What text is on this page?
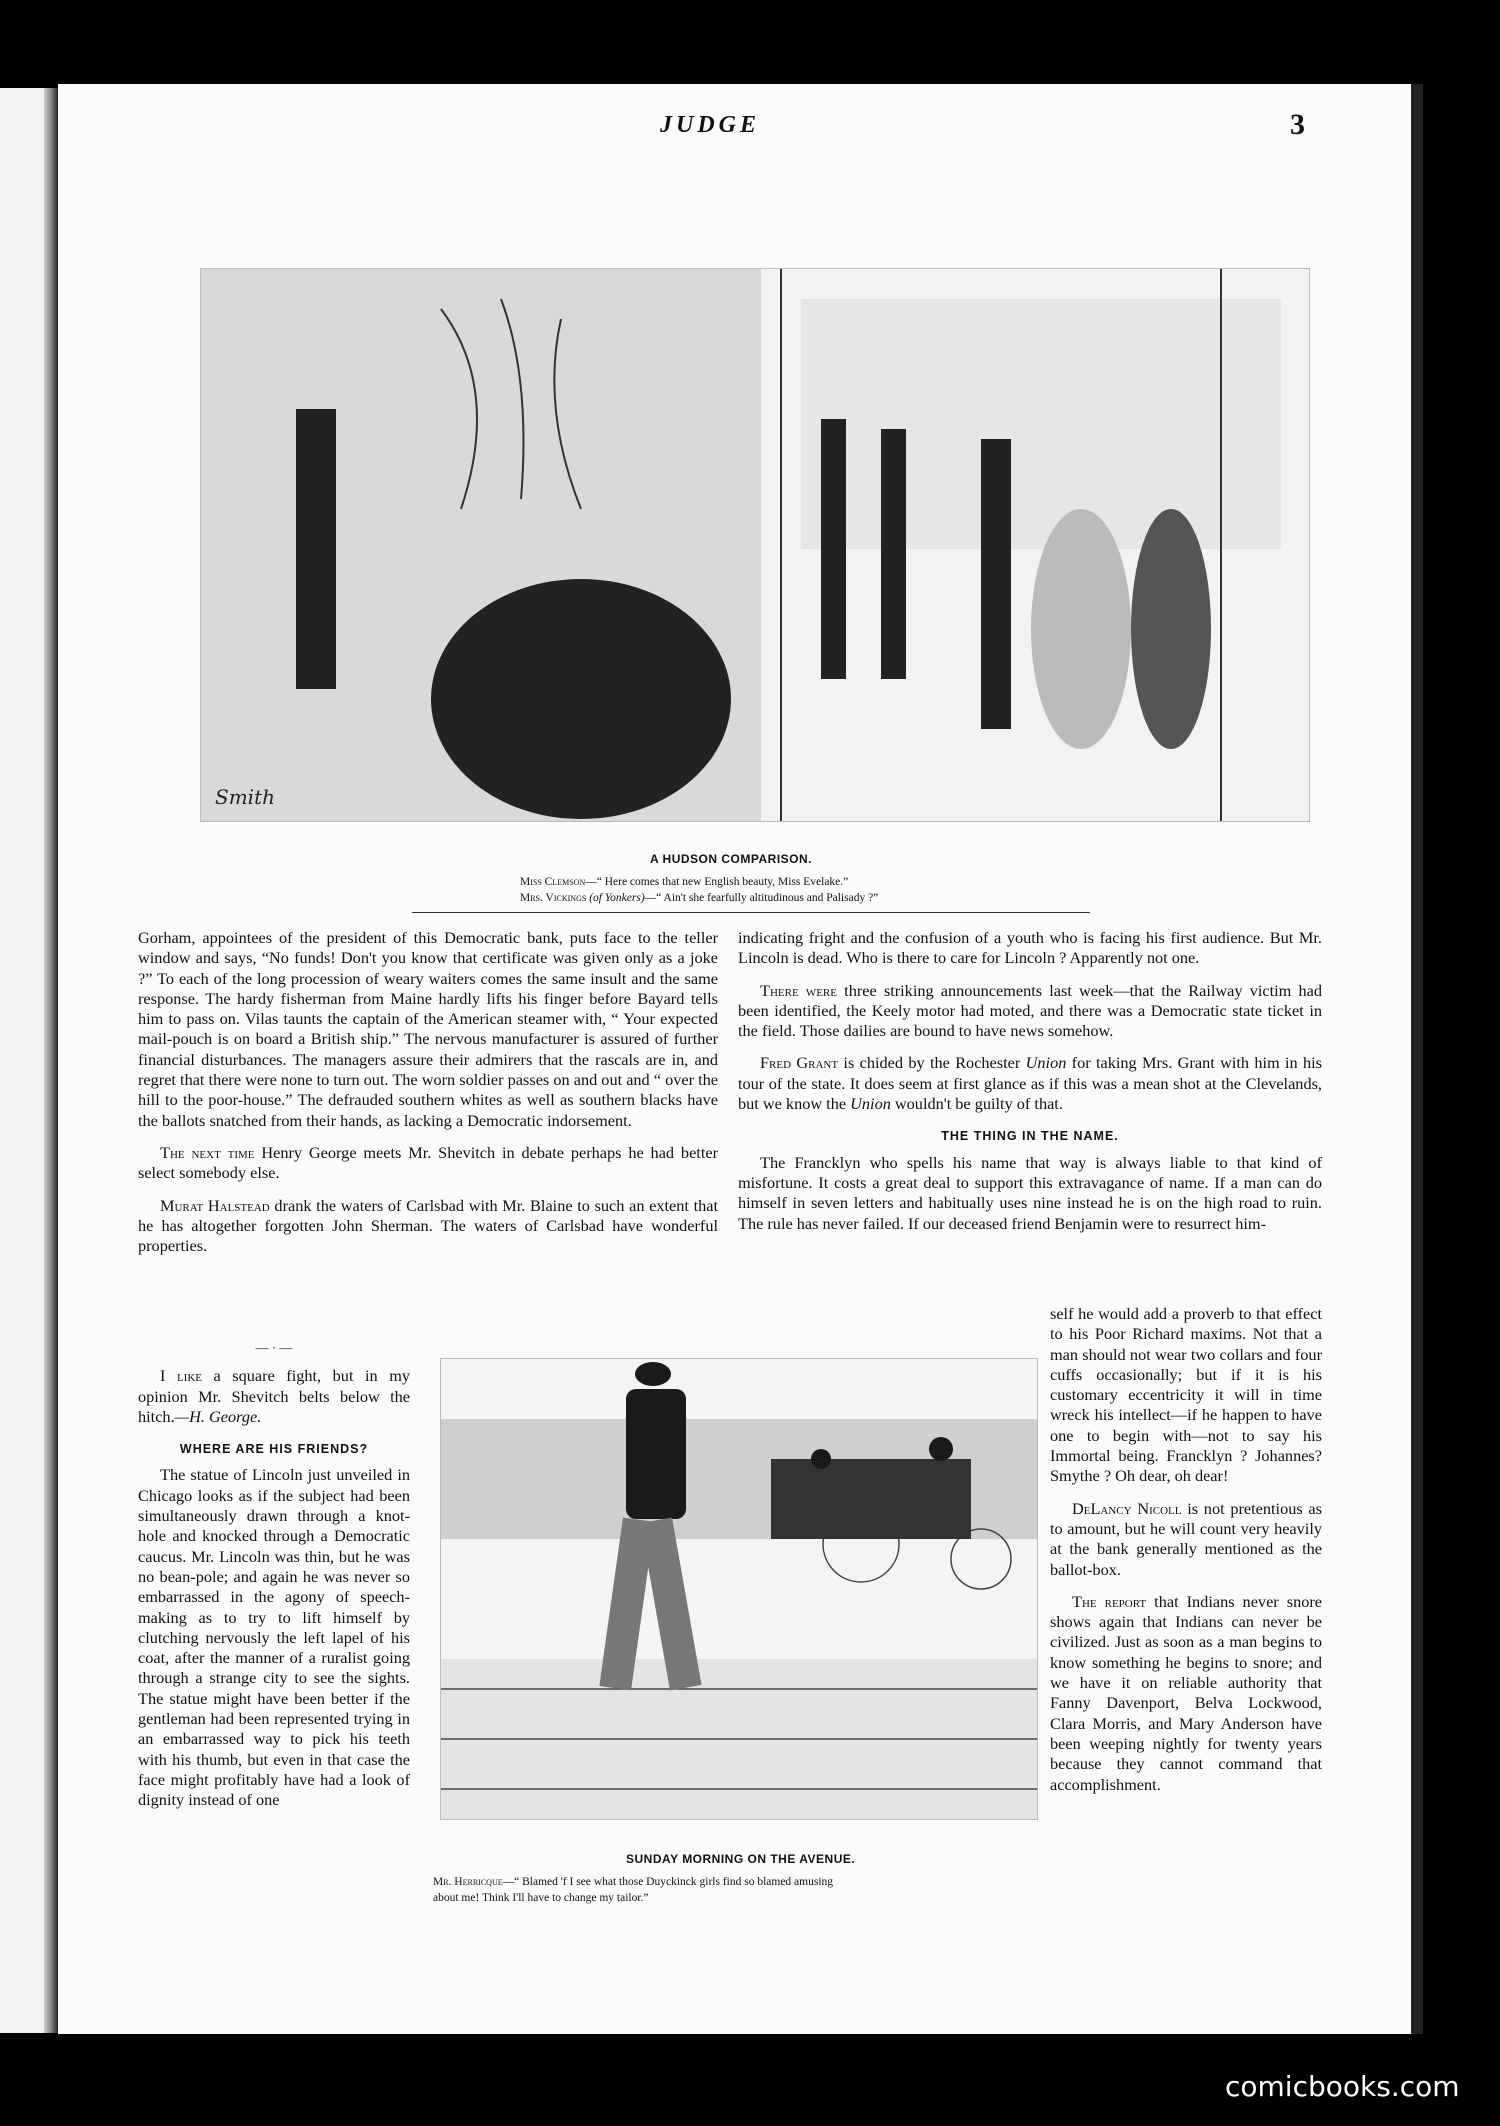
JUDGE	3
Smith
A HUDSON COMPARISON.
Miss Clemson—“ Here comes that new English beauty, Miss Evelake.”
Mrs. Vickings (of Yonkers)—“ Ain't she fearfully altitudinous and Palisady ?”

Gorham, appointees of the president of this Democratic bank, puts face to the teller window and says, “No funds! Don't you know that certificate was given only as a joke ?” To each of the long procession of weary waiters comes the same insult and the same response. The hardy fisherman from Maine hardly lifts his finger before Bayard tells him to pass on. Vilas taunts the captain of the American steamer with, “ Your expected mail-pouch is on board a British ship.” The nervous manufacturer is assured of further financial disturbances. The managers assure their admirers that the rascals are in, and regret that there were none to turn out. The worn soldier passes on and out and “ over the hill to the poor-house.” The defrauded southern whites as well as southern blacks have the ballots snatched from their hands, as lacking a Democratic indorsement.

The next time Henry George meets Mr. Shevitch in debate perhaps he had better select somebody else.

Murat Halstead drank the waters of Carlsbad with Mr. Blaine to such an extent that he has altogether forgotten John Sherman. The waters of Carlsbad have wonderful properties.

— · —

I like a square fight, but in my opinion Mr. Shevitch belts below the hitch.—H. George.

WHERE ARE HIS FRIENDS?

The statue of Lincoln just unveiled in Chicago looks as if the subject had been simultaneously drawn through a knot-hole and knocked through a Democratic caucus. Mr. Lincoln was thin, but he was no bean-pole; and again he was never so embarrassed in the agony of speech-making as to try to lift himself by clutching nervously the left lapel of his coat, after the manner of a ruralist going through a strange city to see the sights. The statue might have been better if the gentleman had been represented trying in an embarrassed way to pick his teeth with his thumb, but even in that case the face might profitably have had a look of dignity instead of one

indicating fright and the confusion of a youth who is facing his first audience. But Mr. Lincoln is dead. Who is there to care for Lincoln ? Apparently not one.

There were three striking announcements last week—that the Railway victim had been identified, the Keely motor had moted, and there was a Democratic state ticket in the field. Those dailies are bound to have news somehow.

Fred Grant is chided by the Rochester Union for taking Mrs. Grant with him in his tour of the state. It does seem at first glance as if this was a mean shot at the Clevelands, but we know the Union wouldn't be guilty of that.

THE THING IN THE NAME.

The Francklyn who spells his name that way is always liable to that kind of misfortune. It costs a great deal to support this extravagance of name. If a man can do himself in seven letters and habitually uses nine instead he is on the high road to ruin. The rule has never failed. If our deceased friend Benjamin were to resurrect him-

self he would add a proverb to that effect to his Poor Richard maxims. Not that a man should not wear two collars and four cuffs occasionally; but if it is his customary eccentricity it will in time wreck his intellect—if he happen to have one to begin with—not to say his Immortal being. Francklyn ? Johannes? Smythe ? Oh dear, oh dear!

DeLancy Nicoll is not pretentious as to amount, but he will count very heavily at the bank generally mentioned as the ballot-box.

The report that Indians never snore shows again that Indians can never be civilized. Just as soon as a man begins to know something he begins to snore; and we have it on reliable authority that Fanny Davenport, Belva Lockwood, Clara Morris, and Mary Anderson have been weeping nightly for twenty years because they cannot command that accomplishment.

SUNDAY MORNING ON THE AVENUE.
Mr. Herricque—“ Blamed 'f I see what those Duyckinck girls find so blamed amusing
about me! Think I'll have to change my tailor.”
comicbooks.com
